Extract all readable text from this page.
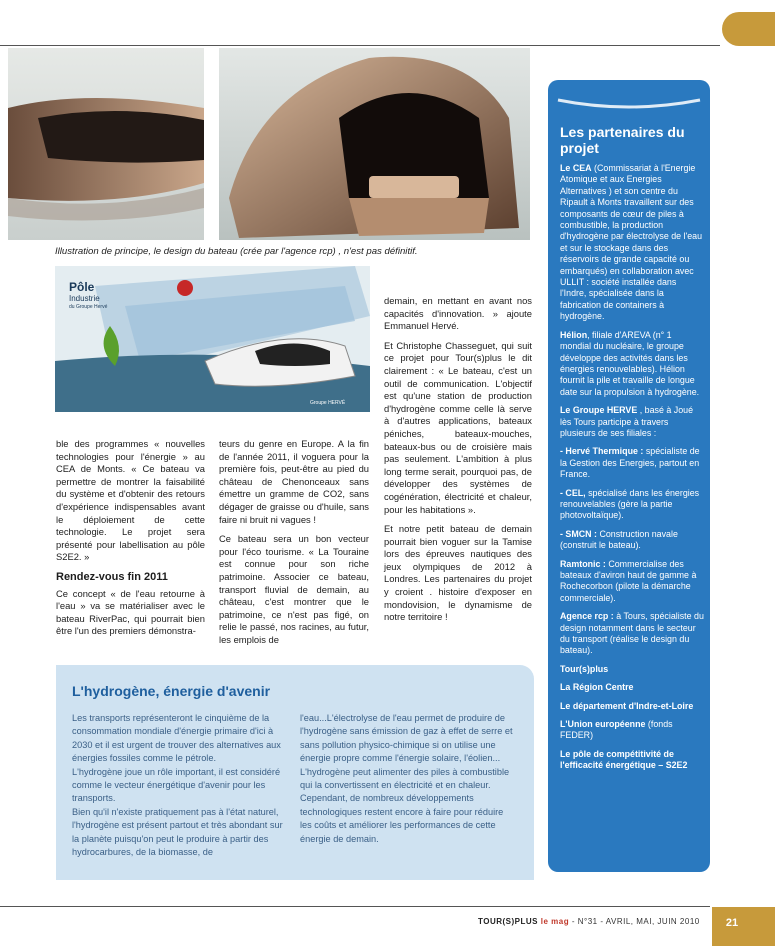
Illustration de principe, le design du bateau (crée par l'agence rcp) , n'est pas définitif.
Pôle
Industrie
du Groupe Hervé
Groupe HERVÉ

ble des programmes « nouvelles technologies pour l'énergie » au CEA de Monts. « Ce bateau va permettre de montrer la faisabilité du système et d'obtenir des retours d'expérience indispensables avant le déploiement de cette technologie. Le projet sera présenté pour labellisation au pôle S2E2. »

Rendez-vous fin 2011

Ce concept « de l'eau retourne à l'eau » va se matérialiser avec le bateau RiverPac, qui pourrait bien être l'un des premiers démonstra-

teurs du genre en Europe. A la fin de l'année 2011, il voguera pour la première fois, peut-être au pied du château de Chenonceaux sans émettre un gramme de CO2, sans dégager de graisse ou d'huile, sans faire ni bruit ni vagues !

Ce bateau sera un bon vecteur pour l'éco tourisme. « La Touraine est connue pour son riche patrimoine. Associer ce bateau, transport fluvial de demain, au château, c'est montrer que le patrimoine, ce n'est pas figé, on relie le passé, nos racines, au futur, les emplois de

demain, en mettant en avant nos capacités d'innovation. » ajoute Emmanuel Hervé.

Et Christophe Chasseguet, qui suit ce projet pour Tour(s)plus le dit clairement : « Le bateau, c'est un outil de communication. L'objectif est qu'une station de production d'hydrogène comme celle là serve à d'autres applications, bateaux péniches, bateaux-mouches, bateaux-bus ou de croisière mais pas seulement. L'ambition à plus long terme serait, pourquoi pas, de développer des systèmes de cogénération, électricité et chaleur, pour les habitations ».

Et notre petit bateau de demain pourrait bien voguer sur la Tamise lors des épreuves nautiques des jeux olympiques de 2012 à Londres. Les partenaires du projet y croient . histoire d'exposer en mondovision, le dynamisme de notre territoire !

L'hydrogène, énergie d'avenir

Les transports représenteront le cinquième de la consommation mondiale d'énergie primaire d'ici à 2030 et il est urgent de trouver des alternatives aux énergies fossiles comme le pétrole.

L'hydrogène joue un rôle important, il est considéré comme le vecteur énergétique d'avenir pour les transports.

Bien qu'il n'existe pratiquement pas à l'état naturel, l'hydrogène est présent partout et très abondant sur la planète puisqu'on peut le produire à partir des hydrocarbures, de la biomasse, de

l'eau...L'électrolyse de l'eau permet de produire de l'hydrogène sans émission de gaz à effet de serre et sans pollution physico-chimique si on utilise une énergie propre comme l'énergie solaire, l'éolien...

L'hydrogène peut alimenter des piles à combustible qui la convertissent en électricité et en chaleur. Cependant, de nombreux développements technologiques restent encore à faire pour réduire les coûts et améliorer les performances de cette énergie de demain.

Les partenaires du projet

Le CEA (Commissariat à l'Energie Atomique et aux Energies Alternatives ) et son centre du Ripault à Monts travaillent sur des composants de cœur de piles à combustible, la production d'hydrogène par électrolyse de l'eau et sur le stockage dans des réservoirs de grande capacité ou embarqués) en collaboration avec ULLIT : société installée dans l'Indre, spécialisée dans la fabrication de containers à hydrogène.

Hélion, filiale d'AREVA (n° 1 mondial du nucléaire, le groupe développe des activités dans les énergies renouvelables). Hélion fournit la pile et travaille de longue date sur la propulsion à hydrogène.

Le Groupe HERVE , basé à Joué lès Tours participe à travers plusieurs de ses filiales :

- Hervé Thermique : spécialiste de la Gestion des Energies, partout en France.

- CEL, spécialisé dans les énergies renouvelables (gère la partie photovoltaïque).

- SMCN : Construction navale (construit le bateau).

Ramtonic : Commercialise des bateaux d'aviron haut de gamme à Rochecorbon (pilote la démarche commerciale).

Agence rcp : à Tours, spécialiste du design notamment dans le secteur du transport (réalise le design du bateau).

Tour(s)plus

La Région Centre

Le département d'Indre-et-Loire

L'Union européenne (fonds FEDER)

Le pôle de compétitivité de l'efficacité énergétique – S2E2

TOUR(S)PLUS le mag - N°31 - AVRIL, MAI, JUIN 2010	21
